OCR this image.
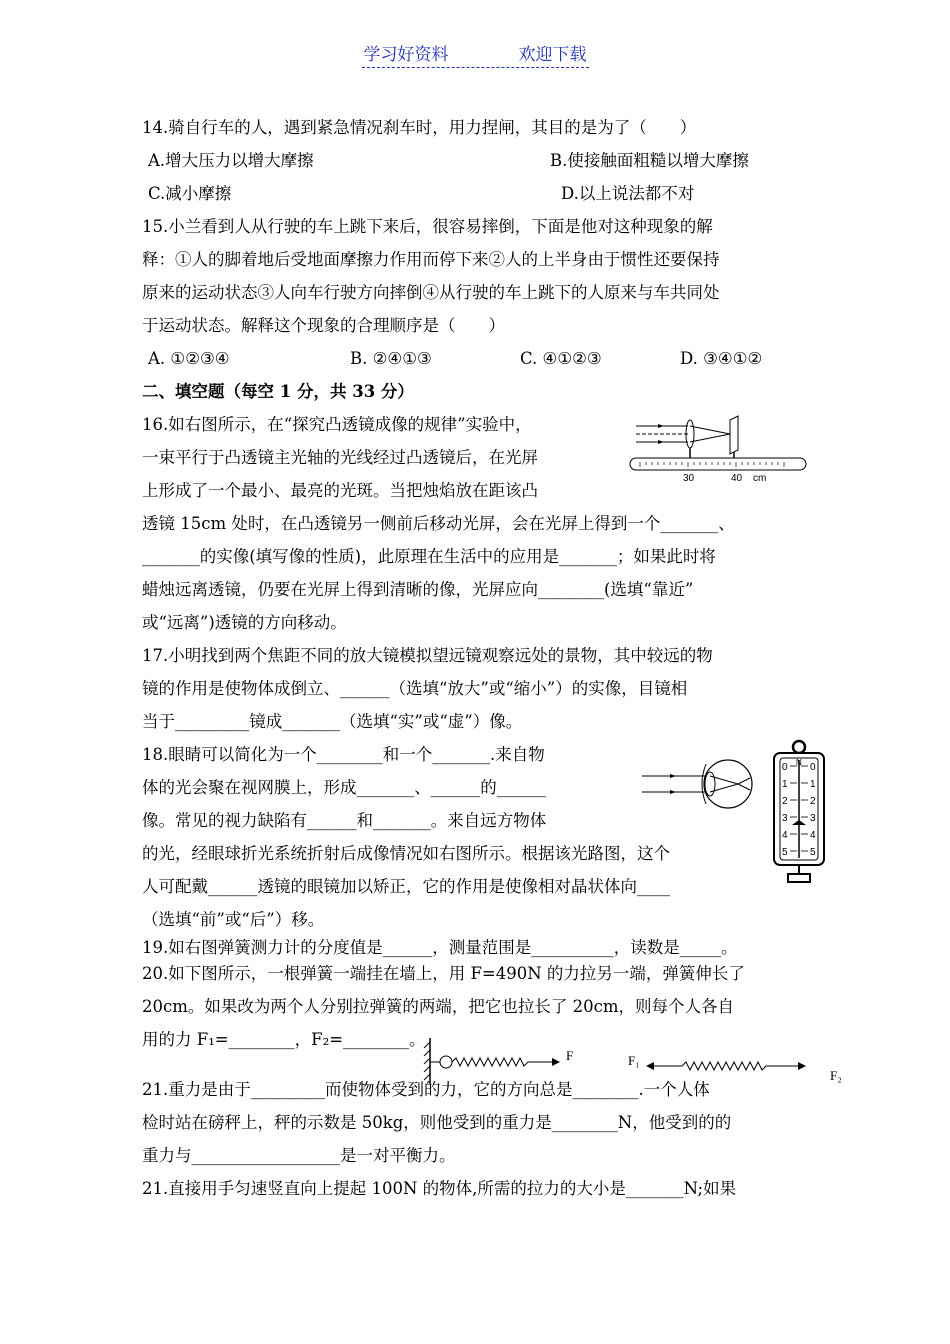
学习好资料	欢迎下载
14.骑自行车的人，遇到紧急情况刹车时，用力捏闸，其目的是为了（　　）
A.增大压力以增大摩擦	B.使接触面粗糙以增大摩擦
C.减小摩擦	D.以上说法都不对
15.小兰看到人从行驶的车上跳下来后，很容易摔倒，下面是他对这种现象的解
释：①人的脚着地后受地面摩擦力作用而停下来②人的上半身由于惯性还要保持
原来的运动状态③人向车行驶方向摔倒④从行驶的车上跳下的人原来与车共同处
于运动状态。解释这个现象的合理顺序是（　　）
A. ①②③④	B. ②④①③	C. ④①②③	D. ③④①②
二、填空题（每空 1 分，共 33 分）
16.如右图所示，在“探究凸透镜成像的规律”实验中，
一束平行于凸透镜主光轴的光线经过凸透镜后，在光屏
上形成了一个最小、最亮的光斑。当把烛焰放在距该凸
透镜 15cm 处时，在凸透镜另一侧前后移动光屏，会在光屏上得到一个_______、
_______的实像(填写像的性质)，此原理在生活中的应用是_______；如果此时将
蜡烛远离透镜，仍要在光屏上得到清晰的像，光屏应向________(选填“靠近”
或“远离”)透镜的方向移动。
30	40 cm
17.小明找到两个焦距不同的放大镜模拟望远镜观察远处的景物，其中较远的物
镜的作用是使物体成倒立、______（选填“放大”或“缩小”）的实像，目镜相
当于_________镜成_______（选填“实”或“虚”）像。
18.眼睛可以简化为一个________和一个_______.来自物
体的光会聚在视网膜上，形成_______、______的______
像。常见的视力缺陷有______和_______。来自远方物体
的光，经眼球折光系统折射后成像情况如右图所示。根据该光路图，这个
人可配戴______透镜的眼镜加以矫正，它的作用是使像相对晶状体向____
（选填“前”或“后”）移。
N
0
1
2
3
4
5
0
1
2
3
4
5
19.如右图弹簧测力计的分度值是______，测量范围是__________，读数是_____。
20.如下图所示，一根弹簧一端挂在墙上，用 F=490N 的力拉另一端，弹簧伸长了
20cm。如果改为两个人分别拉弹簧的两端，把它也拉长了 20cm，则每个人各自
用的力 F₁=________，F₂=________。
F	F₁
F₂
21.重力是由于_________而使物体受到的力，它的方向总是________.一个人体
检时站在磅秤上，秤的示数是 50kg，则他受到的重力是________N，他受到的的
重力与__________________是一对平衡力。
21.直接用手匀速竖直向上提起 100N 的物体,所需的拉力的大小是_______N;如果
